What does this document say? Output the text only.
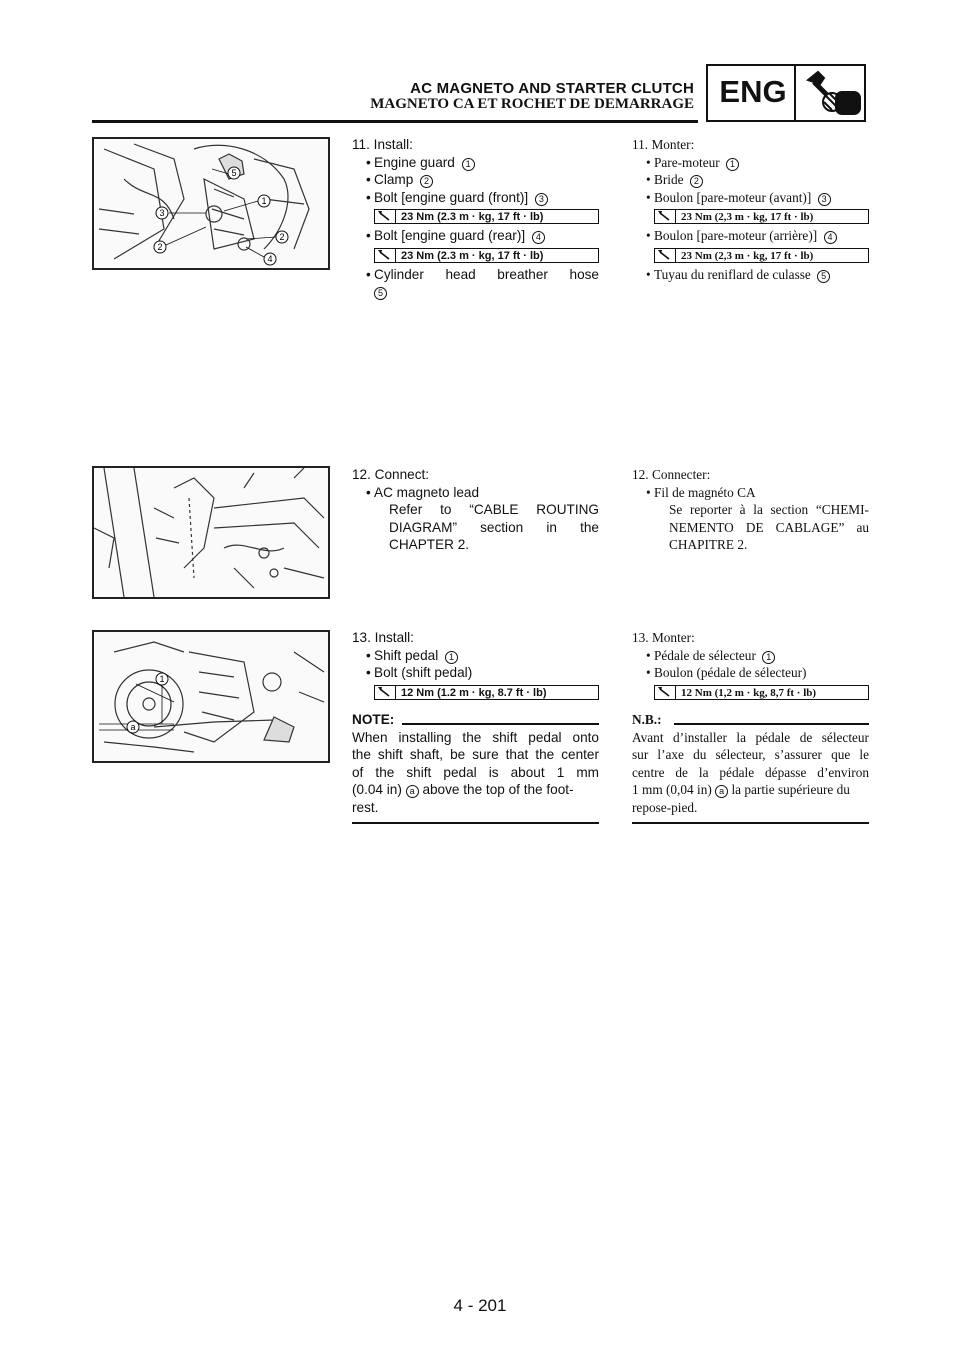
AC MAGNETO AND STARTER CLUTCH
MAGNETO CA ET ROCHET DE DEMARRAGE ENG
5
3
1
2
2
4
1
a
11. Install:
• Engine guard 1
• Clamp 2
• Bolt [engine guard (front)] 3
23 Nm (2.3 m · kg, 17 ft · lb)
• Bolt [engine guard (rear)] 4
23 Nm (2.3 m · kg, 17 ft · lb)
• Cylinder head breather hose
5
12. Connect:
• AC magneto lead
Refer to “CABLE ROUTING
DIAGRAM” section in the
CHAPTER 2.
13. Install:
• Shift pedal 1
• Bolt (shift pedal)
12 Nm (1.2 m · kg, 8.7 ft · lb)
NOTE:
When installing the shift pedal onto
the shift shaft, be sure that the center
of the shift pedal is about 1 mm
(0.04 in) a above the top of the foot-
rest.
11. Monter:
• Pare-moteur 1
• Bride 2
• Boulon [pare-moteur (avant)] 3
23 Nm (2,3 m · kg, 17 ft · lb)
• Boulon [pare-moteur (arrière)] 4
23 Nm (2,3 m · kg, 17 ft · lb)
• Tuyau du reniflard de culasse 5
12. Connecter:
• Fil de magnéto CA
Se reporter à la section “CHEMI-
NEMENTO DE CABLAGE” au
CHAPITRE 2.
13. Monter:
• Pédale de sélecteur 1
• Boulon (pédale de sélecteur)
12 Nm (1,2 m · kg, 8,7 ft · lb)
N.B.:
Avant d’installer la pédale de sélecteur
sur l’axe du sélecteur, s’assurer que le
centre de la pédale dépasse d’environ
1 mm (0,04 in) a la partie supérieure du
repose-pied.
4 - 201
